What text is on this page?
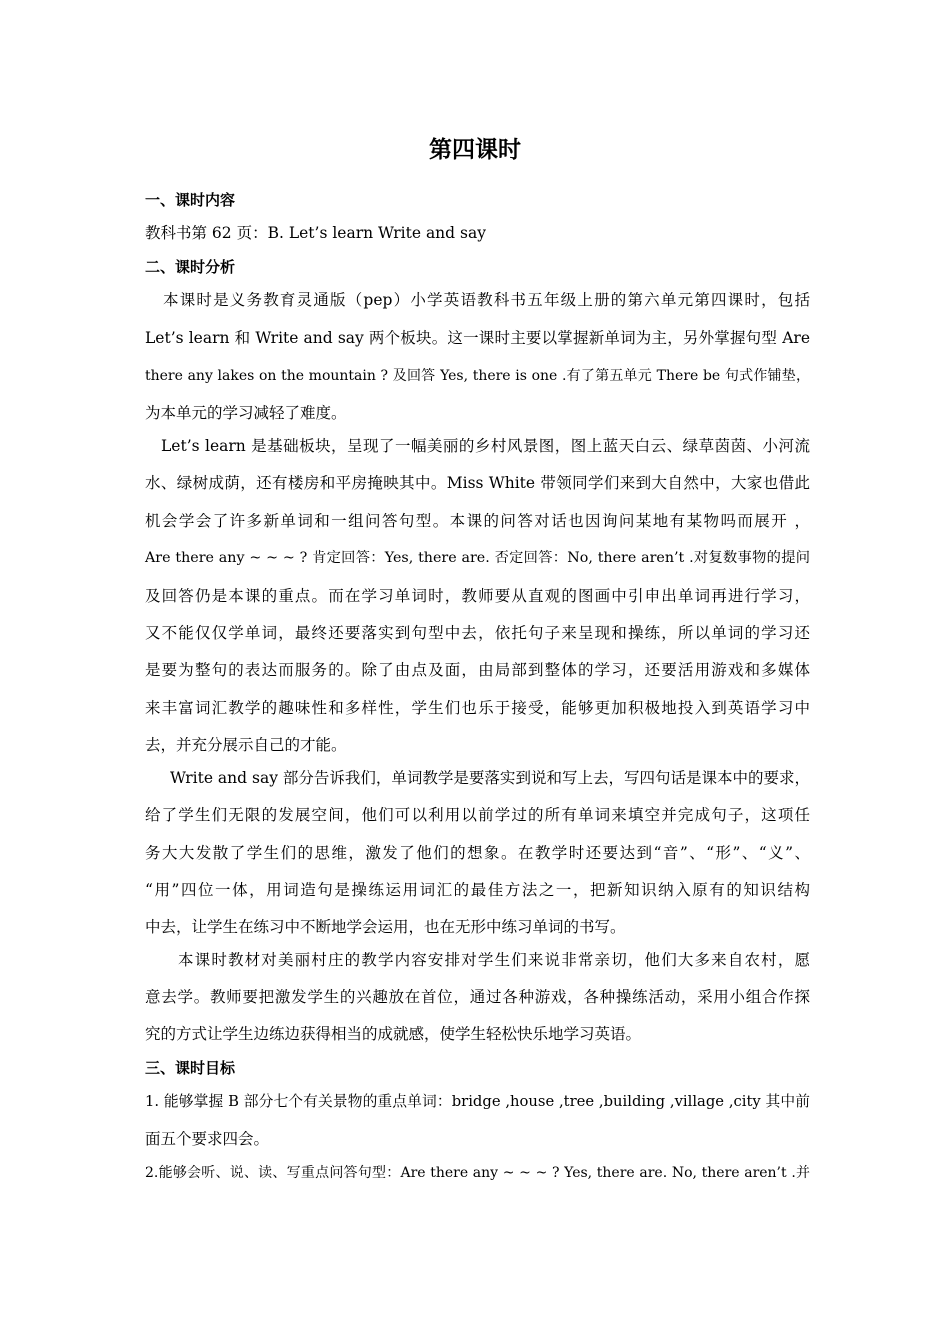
第四课时
一、课时内容
教科书第 62 页：B. Let’s learn Write and say
二、课时分析
本课时是义务教育灵通版（pep）小学英语教科书五年级上册的第六单元第四课时，包括
Let’s learn 和 Write and say 两个板块。这一课时主要以掌握新单词为主，另外掌握句型 Are
there any lakes on the mountain ? 及回答 Yes, there is one .有了第五单元 There be 句式作铺垫，
为本单元的学习减轻了难度。
Let’s learn 是基础板块，呈现了一幅美丽的乡村风景图，图上蓝天白云、绿草茵茵、小河流
水、绿树成荫，还有楼房和平房掩映其中。Miss White 带领同学们来到大自然中，大家也借此
机会学会了许多新单词和一组问答句型。本课的问答对话也因询问某地有某物吗而展开 ，
Are there any ~ ~ ~ ? 肯定回答：Yes, there are. 否定回答：No, there aren’t .对复数事物的提问
及回答仍是本课的重点。而在学习单词时，教师要从直观的图画中引申出单词再进行学习，
又不能仅仅学单词，最终还要落实到句型中去，依托句子来呈现和操练，所以单词的学习还
是要为整句的表达而服务的。除了由点及面，由局部到整体的学习，还要活用游戏和多媒体
来丰富词汇教学的趣味性和多样性，学生们也乐于接受，能够更加积极地投入到英语学习中
去，并充分展示自己的才能。
Write and say 部分告诉我们，单词教学是要落实到说和写上去，写四句话是课本中的要求，
给了学生们无限的发展空间，他们可以利用以前学过的所有单词来填空并完成句子，这项任
务大大发散了学生们的思维，激发了他们的想象。在教学时还要达到“音”、“形”、“义”、
“用”四位一体，用词造句是操练运用词汇的最佳方法之一，把新知识纳入原有的知识结构
中去，让学生在练习中不断地学会运用，也在无形中练习单词的书写。
本课时教材对美丽村庄的教学内容安排对学生们来说非常亲切，他们大多来自农村，愿
意去学。教师要把激发学生的兴趣放在首位，通过各种游戏，各种操练活动，采用小组合作探
究的方式让学生边练边获得相当的成就感，使学生轻松快乐地学习英语。
三、课时目标
1. 能够掌握 B 部分七个有关景物的重点单词：bridge ,house ,tree ,building ,village ,city 其中前
面五个要求四会。
2.能够会听、说、读、写重点问答句型：Are there any ~ ~ ~ ? Yes, there are. No, there aren’t .并
